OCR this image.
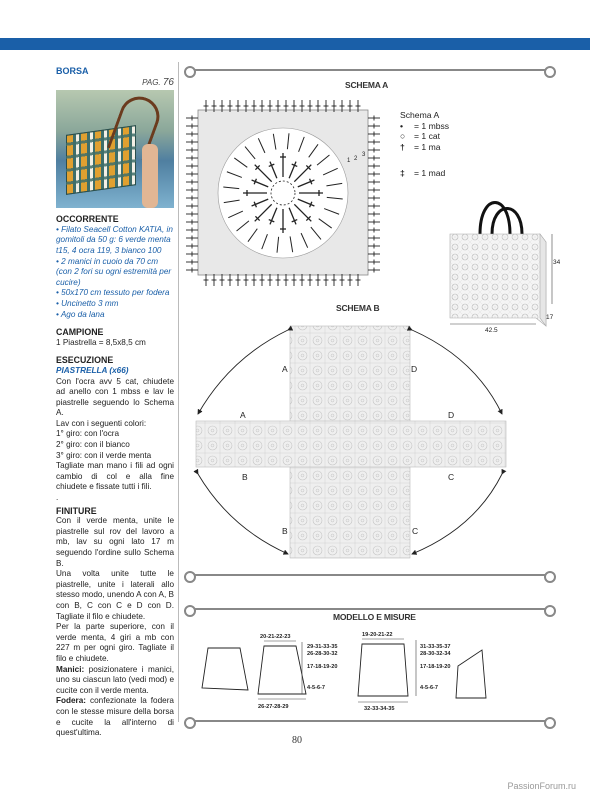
BORSA
PAG. 76
OCCORRENTE
• Filato Seacell Cotton KATIA, in gomitoli da 50 g: 6 verde menta t15, 4 ocra 119, 3 bianco 100
• 2 manici in cuoio da 70 cm (con 2 fori su ogni estremità per cucire)
• 50x170 cm tessuto per fodera
• Uncinetto 3 mm
• Ago da lana
CAMPIONE
1 Piastrella = 8,5x8,5 cm
ESECUZIONE
PIASTRELLA (x66)
Con l'ocra avv 5 cat, chiudete ad anello con 1 mbss e lav le piastrelle seguendo lo Schema A.
Lav con i seguenti colori:
1° giro: con l'ocra
2° giro: con il bianco
3° giro: con il verde menta
Tagliate man mano i fili ad ogni cambio di col e alla fine chiudete e fissate tutti i fili.
.
FINITURE
Con il verde menta, unite le piastrelle sul rov del lavoro a mb, lav su ogni lato 17 m seguendo l'ordine sullo Schema B.
Una volta unite tutte le piastrelle, unite i laterali allo stesso modo, unendo A con A, B con B, C con C e D con D. Tagliate il filo e chiudete.
Per la parte superiore, con il verde menta, 4 giri a mb con 227 m per ogni giro. Tagliate il filo e chiudete.
Manici: posizionatere i manici, uno su ciascun lato (vedi mod) e cucite con il verde menta.
Fodera: confezionate la fodera con le stesse misure della borsa e cucite la all'interno di quest'ultima.
SCHEMA A
SCHEMA B
MODELLO E MISURE
1 2
3
Schema A
• = 1 mbss
○ = 1 cat
† = 1 ma
‡ = 1 mad
34
42,5
17
A
A
B
B
D
D
C
C
20-21-22-23
26-27-28-29
29-31-33-35
26-28-30-32
17-18-19-20
4-5-6-7
19-20-21-22
32-33-34-35
31-33-35-37
28-30-32-34
17-18-19-20
4-5-6-7
80
PassionForum.ru
